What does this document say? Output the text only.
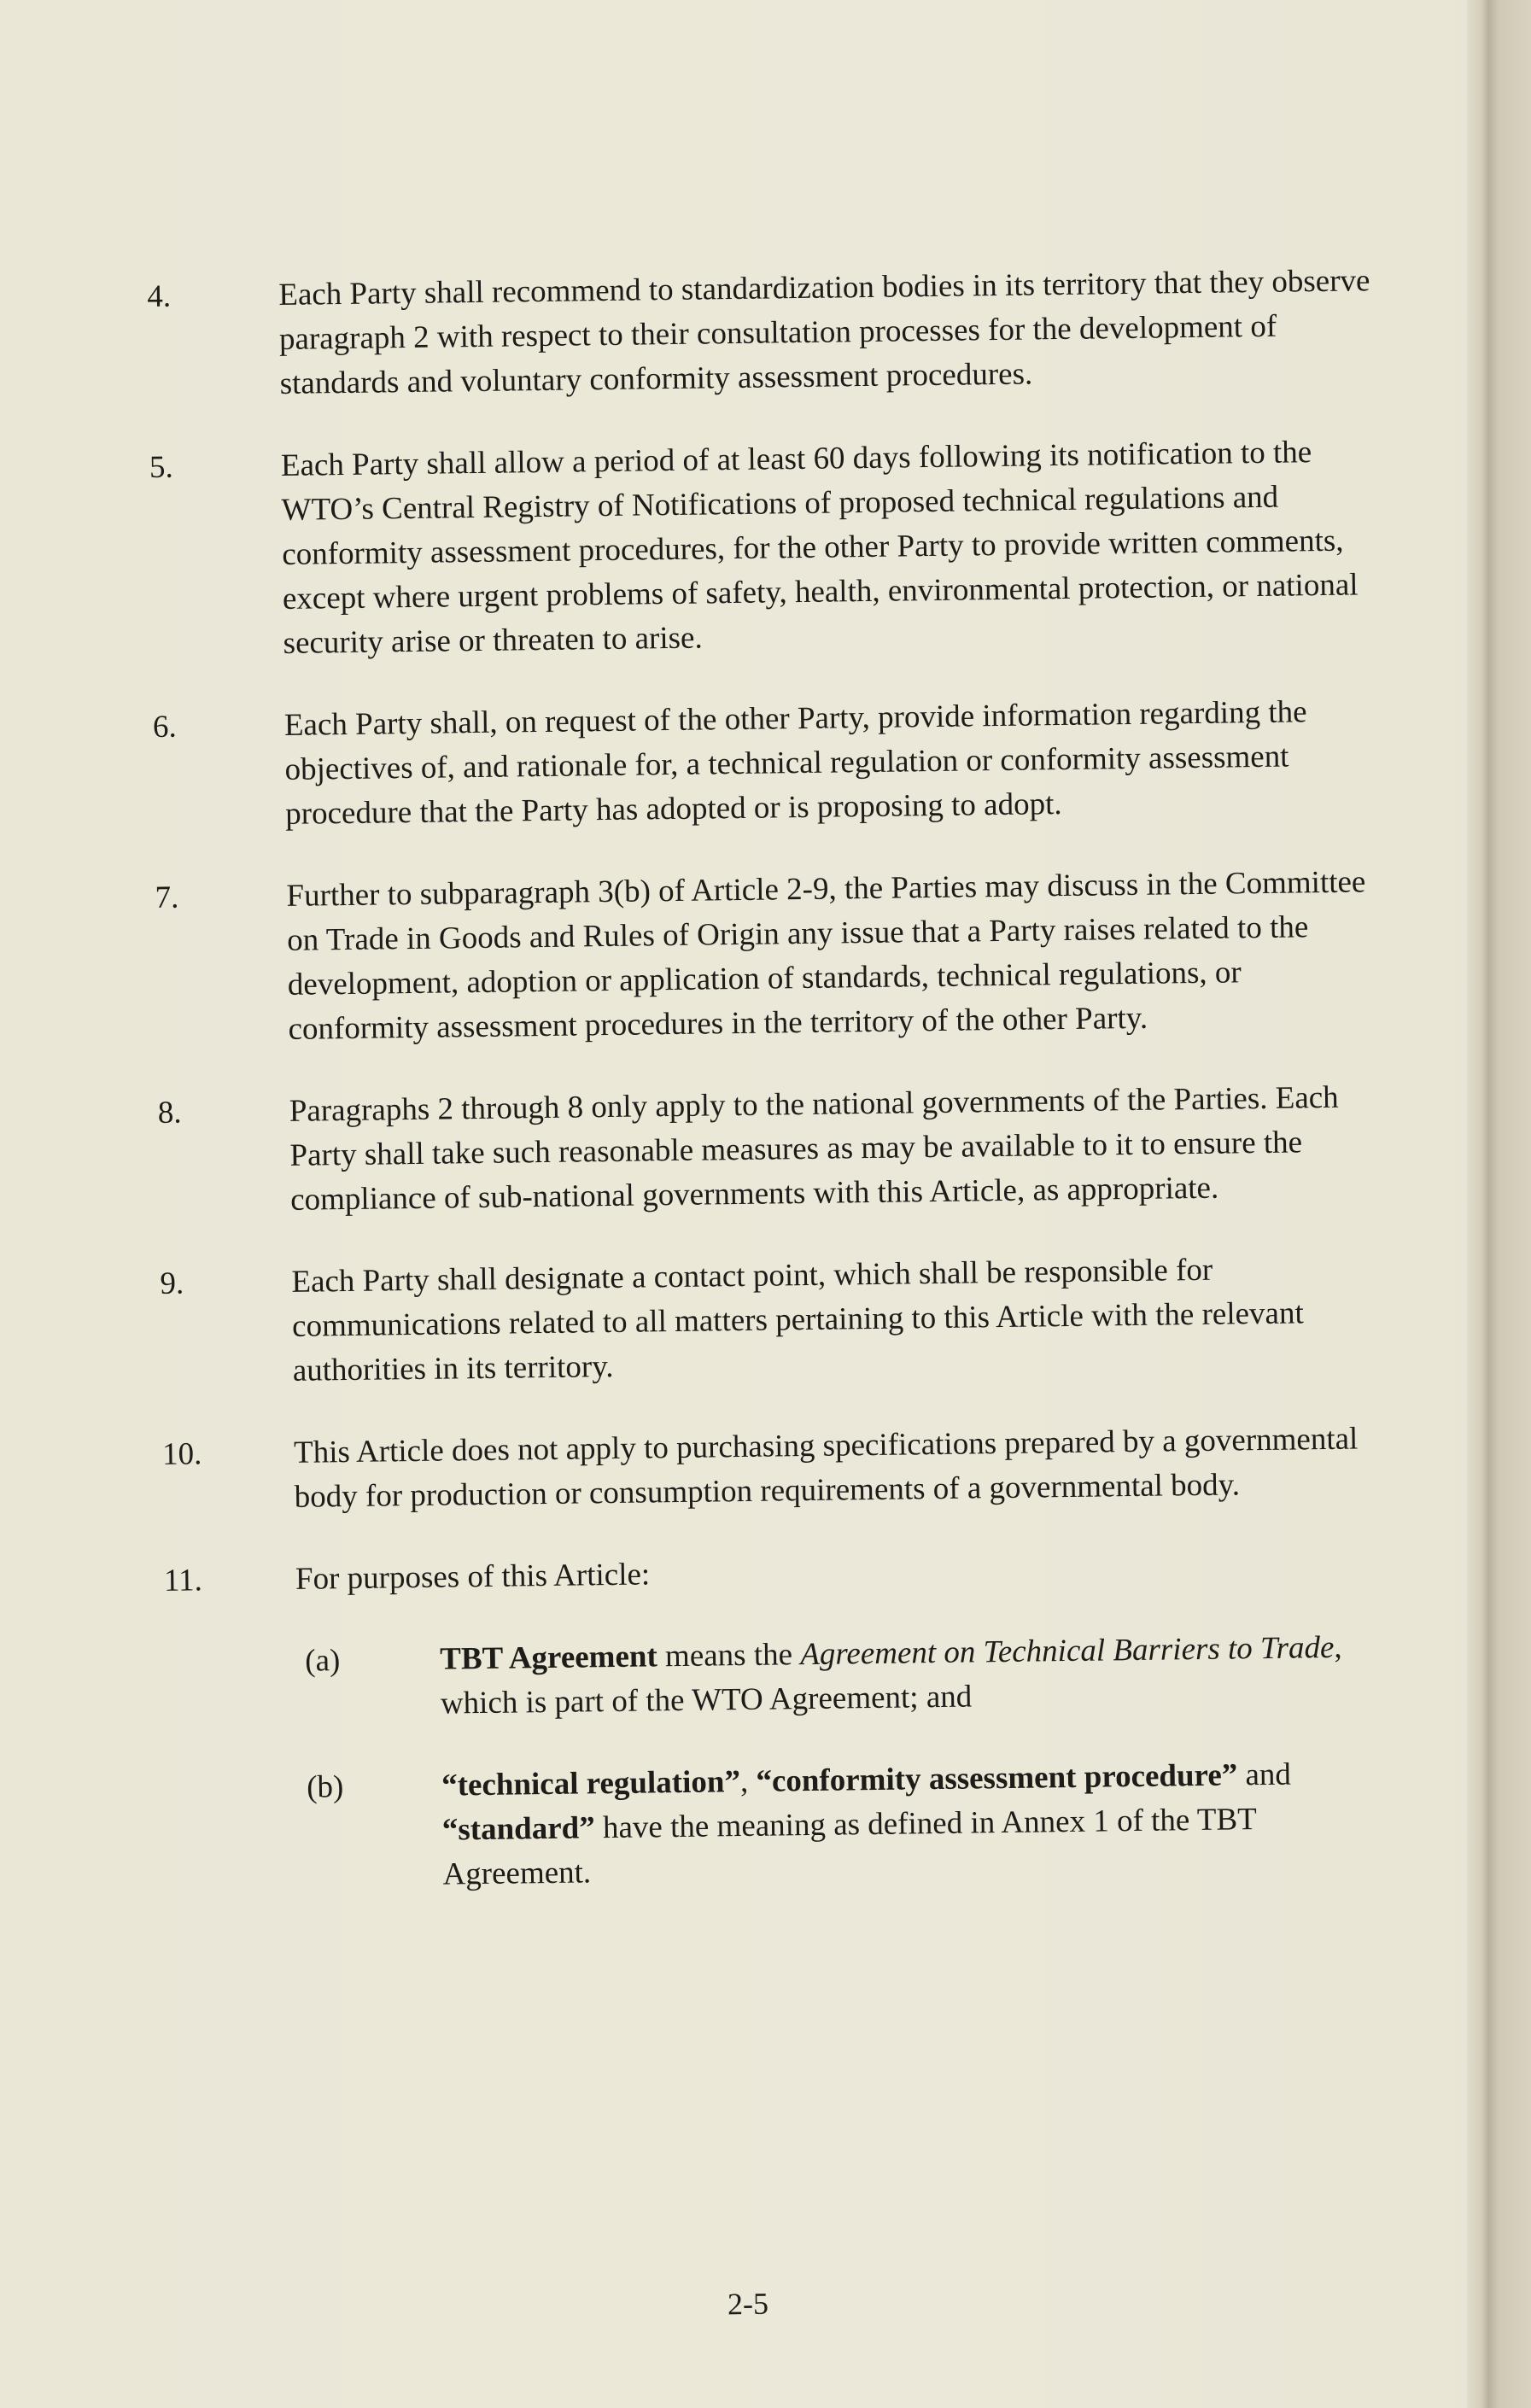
4.	Each Party shall recommend to standardization bodies in its territory that they observe paragraph 2 with respect to their consultation processes for the development of standards and voluntary conformity assessment procedures.

5.	Each Party shall allow a period of at least 60 days following its notification to the WTO’s Central Registry of Notifications of proposed technical regulations and conformity assessment procedures, for the other Party to provide written comments, except where urgent problems of safety, health, environmental protection, or national security arise or threaten to arise.

6.	Each Party shall, on request of the other Party, provide information regarding the objectives of, and rationale for, a technical regulation or conformity assessment procedure that the Party has adopted or is proposing to adopt.

7.	Further to subparagraph 3(b) of Article 2-9, the Parties may discuss in the Committee on Trade in Goods and Rules of Origin any issue that a Party raises related to the development, adoption or application of standards, technical regulations, or conformity assessment procedures in the territory of the other Party.

8.	Paragraphs 2 through 8 only apply to the national governments of the Parties. Each Party shall take such reasonable measures as may be available to it to ensure the compliance of sub-national governments with this Article, as appropriate.

9.	Each Party shall designate a contact point, which shall be responsible for communications related to all matters pertaining to this Article with the relevant authorities in its territory.

10.	This Article does not apply to purchasing specifications prepared by a governmental body for production or consumption requirements of a governmental body.

11.	For purposes of this Article:

(a)	TBT Agreement means the Agreement on Technical Barriers to Trade, which is part of the WTO Agreement; and

(b)	“technical regulation”, “conformity assessment procedure” and “standard” have the meaning as defined in Annex 1 of the TBT Agreement.

2-5
